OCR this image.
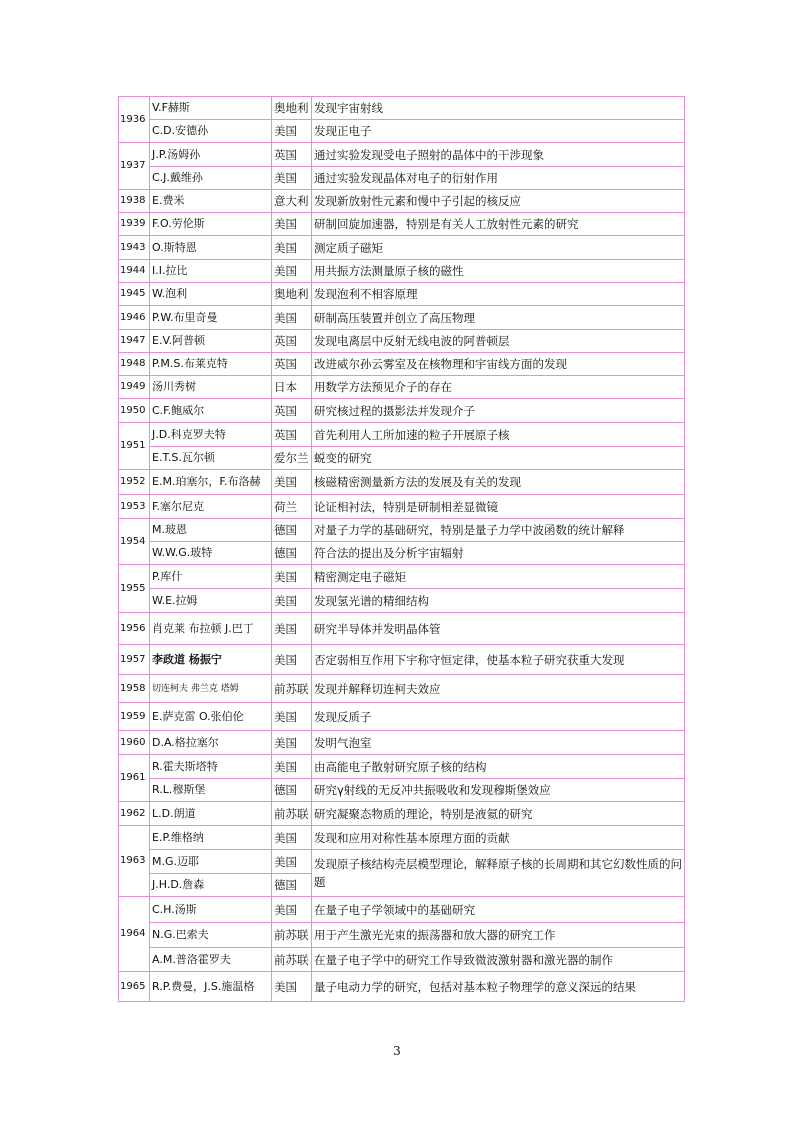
1936	V.F赫斯	奥地利	发现宇宙射线
	C.D.安德孙	美国	发现正电子
1937	J.P.汤姆孙	英国	通过实验发现受电子照射的晶体中的干涉现象
	C.J.戴维孙	美国	通过实验发现晶体对电子的衍射作用
1938	E.费米	意大利	发现新放射性元素和慢中子引起的核反应
1939	F.O.劳伦斯	美国	研制回旋加速器，特别是有关人工放射性元素的研究
1943	O.斯特恩	美国	测定质子磁矩
1944	I.I.拉比	美国	用共振方法测量原子核的磁性
1945	W.泡利	奥地利	发现泡利不相容原理
1946	P.W.布里奇曼	美国	研制高压装置并创立了高压物理
1947	E.V.阿普顿	英国	发现电离层中反射无线电波的阿普顿层
1948	P.M.S.布莱克特	英国	改进威尔孙云雾室及在核物理和宇宙线方面的发现
1949	汤川秀树	日本	用数学方法预见介子的存在
1950	C.F.鲍威尔	英国	研究核过程的摄影法并发现介子
1951	J.D.科克罗夫特	英国	首先利用人工所加速的粒子开展原子核
	E.T.S.瓦尔顿	爱尔兰	蜕变的研究
1952	E.M.珀塞尔，F.布洛赫	美国	核磁精密测量新方法的发展及有关的发现
1953	F.塞尔尼克	荷兰	论证相衬法，特别是研制相差显微镜
1954	M.玻恩	德国	对量子力学的基础研究，特别是量子力学中波函数的统计解释
	W.W.G.玻特	德国	符合法的提出及分析宇宙辐射
1955	P.库什	美国	精密测定电子磁矩
	W.E.拉姆	美国	发现氢光谱的精细结构
1956	肖克莱 布拉顿 J.巴丁	美国	研究半导体并发明晶体管
1957	李政道 杨振宁	美国	否定弱相互作用下宇称守恒定律，使基本粒子研究获重大发现
1958	切连柯夫 弗兰克 塔姆	前苏联	发现并解释切连柯夫效应
1959	E.萨克雷 O.张伯伦	美国	发现反质子
1960	D.A.格拉塞尔	美国	发明气泡室
1961	R.霍夫斯塔特	美国	由高能电子散射研究原子核的结构
	R.L.穆斯堡	德国	研究γ射线的无反冲共振吸收和发现穆斯堡效应
1962	L.D.朗道	前苏联	研究凝聚态物质的理论，特别是液氦的研究
1963	E.P.维格纳	美国	发现和应用对称性基本原理方面的贡献
	M.G.迈耶	美国	发现原子核结构壳层模型理论，解释原子核的长周期和其它幻数性质的问题
	J.H.D.詹森	德国	
1964	C.H.汤斯	美国	在量子电子学领域中的基础研究
	N.G.巴索夫	前苏联	用于产生激光光束的振荡器和放大器的研究工作
	A.M.普洛霍罗夫	前苏联	在量子电子学中的研究工作导致微波激射器和激光器的制作
1965	R.P.费曼，J.S.施温格	美国	量子电动力学的研究，包括对基本粒子物理学的意义深远的结果
3
